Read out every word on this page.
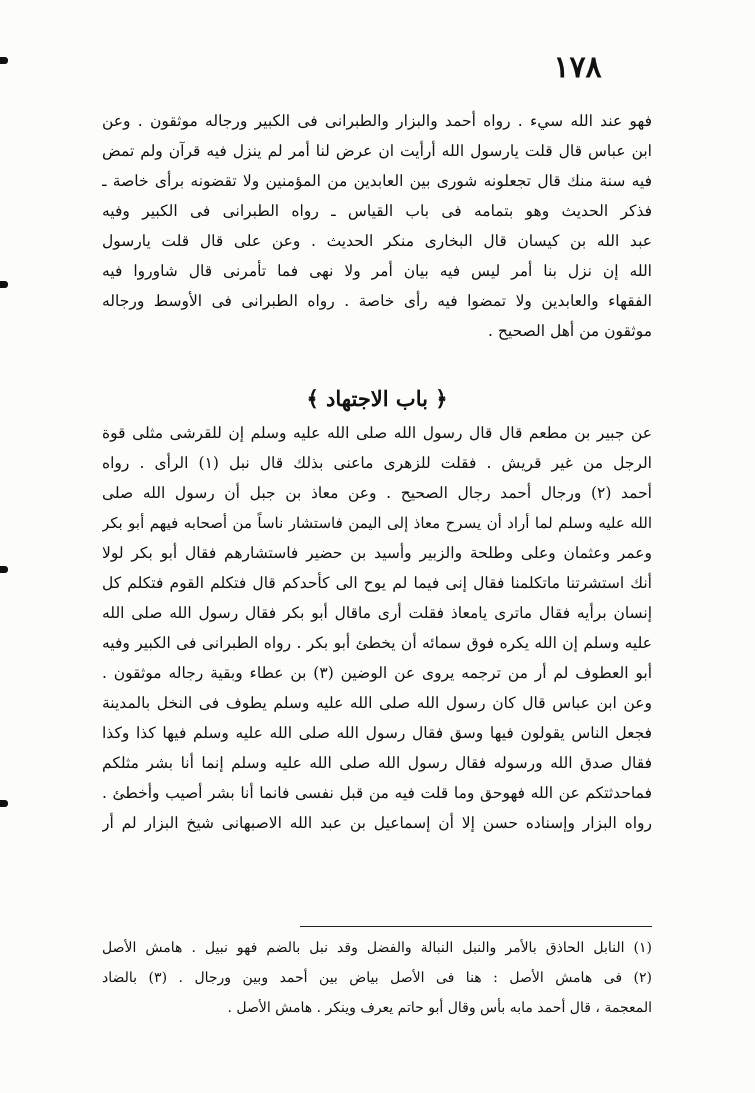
١٧٨
فهو عند الله سيء . رواه أحمد والبزار والطبرانى فى الكبير ورجاله موثقون . وعن
ابن عباس قال قلت يارسول الله أرأيت ان عرض لنا أمر لم ينزل فيه قرآن ولم تمض
فيه سنة منك قال تجعلونه شورى بين العابدين من المؤمنين ولا تقضونه برأى خاصة ـ
فذكر الحديث وهو بتمامه فى باب القياس ـ رواه الطبرانى فى الكبير وفيه
عبد الله بن كيسان قال البخارى منكر الحديث . وعن على قال قلت يارسول
الله إن نزل بنا أمر ليس فيه بيان أمر ولا نهى فما تأمرنى قال شاوروا فيه
الفقهاء والعابدين ولا تمضوا فيه رأى خاصة . رواه الطبرانى فى الأوسط ورجاله
موثقون من أهل الصحيح .
﴿ باب الاجتهاد ﴾
عن جبير بن مطعم قال قال رسول الله صلى الله عليه وسلم إن للقرشى مثلى قوة
الرجل من غير قريش . فقلت للزهرى ماعنى بذلك قال نبل (١) الرأى . رواه
أحمد (٢) ورجال أحمد رجال الصحيح . وعن معاذ بن جبل أن رسول الله صلى
الله عليه وسلم لما أراد أن يسرح معاذ إلى اليمن فاستشار ناساً من أصحابه فيهم أبو بكر
وعمر وعثمان وعلى وطلحة والزبير وأسيد بن حضير فاستشارهم فقال أبو بكر لولا
أنك استشرتنا ماتكلمنا فقال إنى فيما لم يوح الى كأحدكم قال فتكلم القوم فتكلم كل
إنسان برأيه فقال ماترى يامعاذ فقلت أرى ماقال أبو بكر فقال رسول الله صلى الله
عليه وسلم إن الله يكره فوق سمائه أن يخطئ أبو بكر . رواه الطبرانى فى الكبير وفيه
أبو العطوف لم أر من ترجمه يروى عن الوضين (٣) بن عطاء وبقية رجاله موثقون .
وعن ابن عباس قال كان رسول الله صلى الله عليه وسلم يطوف فى النخل بالمدينة
فجعل الناس يقولون فيها وسق فقال رسول الله صلى الله عليه وسلم فيها كذا وكذا
فقال صدق الله ورسوله فقال رسول الله صلى الله عليه وسلم إنما أنا بشر مثلكم
فماحدثتكم عن الله فهوحق وما قلت فيه من قبل نفسى فانما أنا بشر أصيب وأخطئ .
رواه البزار وإسناده حسن إلا أن إسماعيل بن عبد الله الاصبهانى شيخ البزار لم أر
(١) النابل الحاذق بالأمر والنبل النبالة والفضل وقد نبل بالضم فهو نبيل . هامش الأصل
(٢) فى هامش الأصل : هنا فى الأصل بياض بين أحمد وبين ورجال . (٣) بالضاد
المعجمة ، قال أحمد مابه بأس وقال أبو حاتم يعرف وينكر . هامش الأصل .
